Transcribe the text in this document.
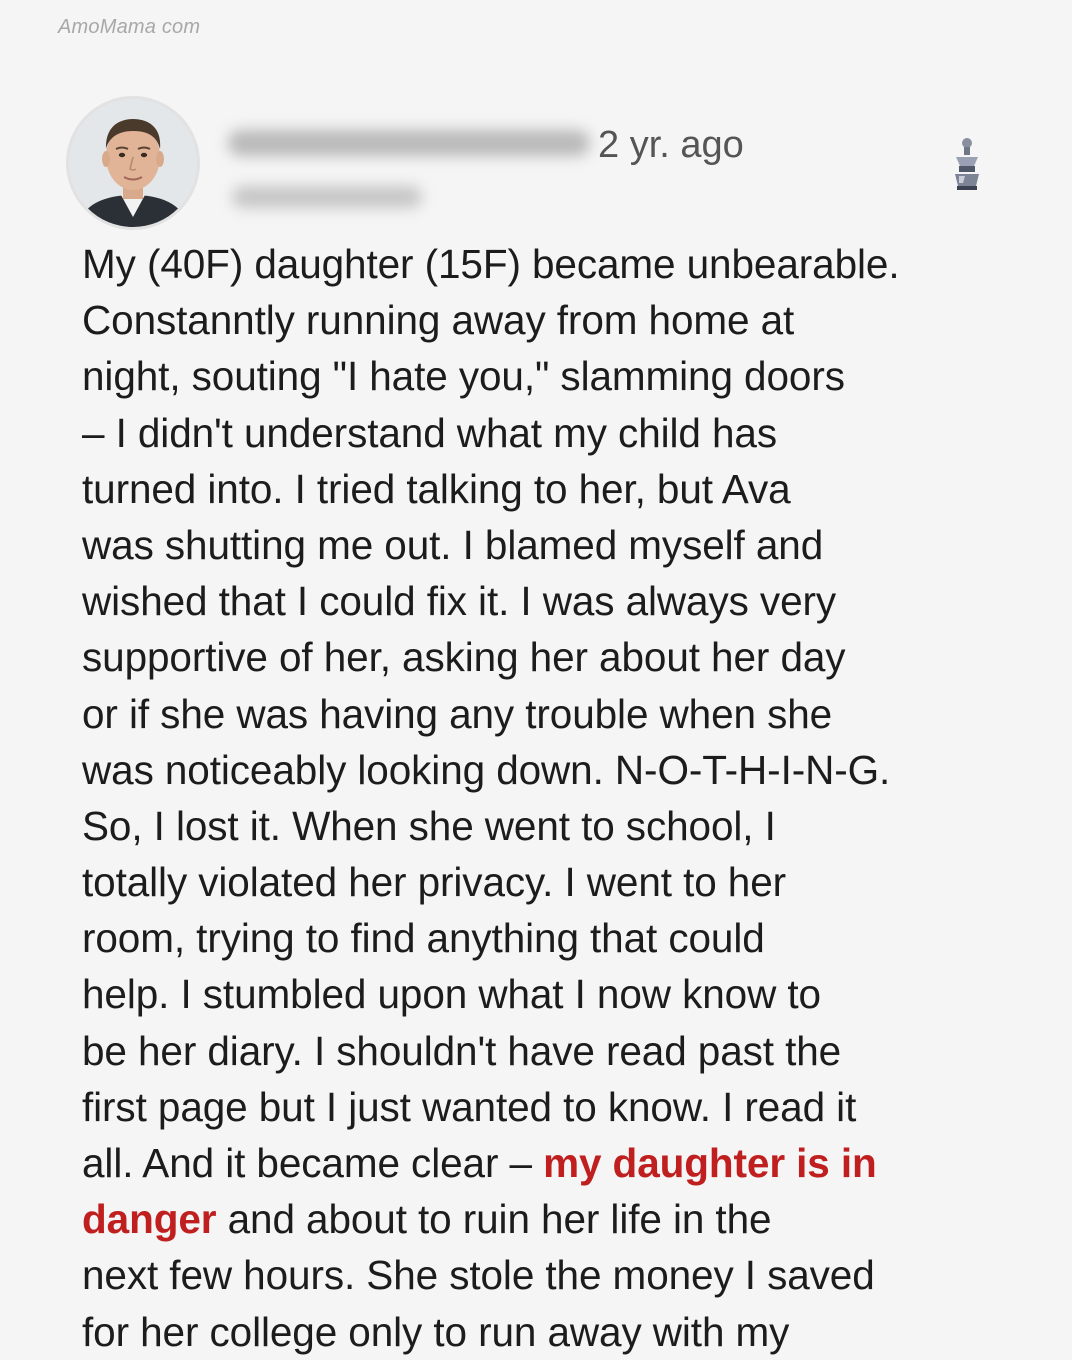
AmoMama com
2 yr. ago
My (40F) daughter (15F) became unbearable.
Constanntly running away from home at
night, souting "I hate you," slamming doors
– I didn't understand what my child has
turned into. I tried talking to her, but Ava
was shutting me out. I blamed myself and
wished that I could fix it. I was always very
supportive of her, asking her about her day
or if she was having any trouble when she
was noticeably looking down. N-O-T-H-I-N-G.
So, I lost it. When she went to school, I
totally violated her privacy. I went to her
room, trying to find anything that could
help. I stumbled upon what I now know to
be her diary. I shouldn't have read past the
first page but I just wanted to know. I read it
all. And it became clear – my daughter is in
danger and about to ruin her life in the
next few hours. She stole the money I saved
for her college only to run away with my
